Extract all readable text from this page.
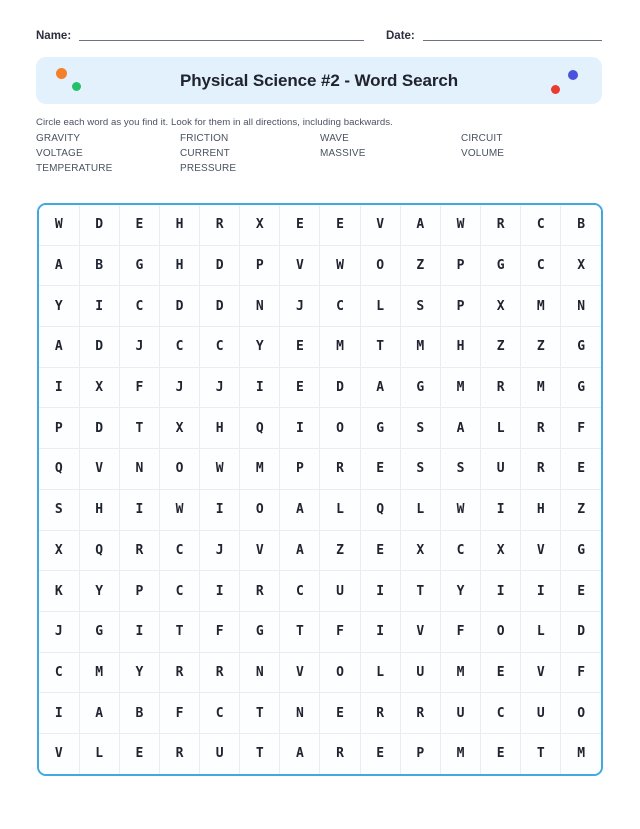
Name:	Date:
Physical Science #2 - Word Search
Circle each word as you find it. Look for them in all directions, including backwards.
GRAVITY	FRICTION	WAVE	CIRCUIT
VOLTAGE	CURRENT	MASSIVE	VOLUME
TEMPERATURE	PRESSURE
W	D	E	H	R	X	E	E	V	A	W	R	C	B
A	B	G	H	D	P	V	W	O	Z	P	G	C	X
Y	I	C	D	D	N	J	C	L	S	P	X	M	N
A	D	J	C	C	Y	E	M	T	M	H	Z	Z	G
I	X	F	J	J	I	E	D	A	G	M	R	M	G
P	D	T	X	H	Q	I	O	G	S	A	L	R	F
Q	V	N	O	W	M	P	R	E	S	S	U	R	E
S	H	I	W	I	O	A	L	Q	L	W	I	H	Z
X	Q	R	C	J	V	A	Z	E	X	C	X	V	G
K	Y	P	C	I	R	C	U	I	T	Y	I	I	E
J	G	I	T	F	G	T	F	I	V	F	O	L	D
C	M	Y	R	R	N	V	O	L	U	M	E	V	F
I	A	B	F	C	T	N	E	R	R	U	C	U	O
V	L	E	R	U	T	A	R	E	P	M	E	T	M
